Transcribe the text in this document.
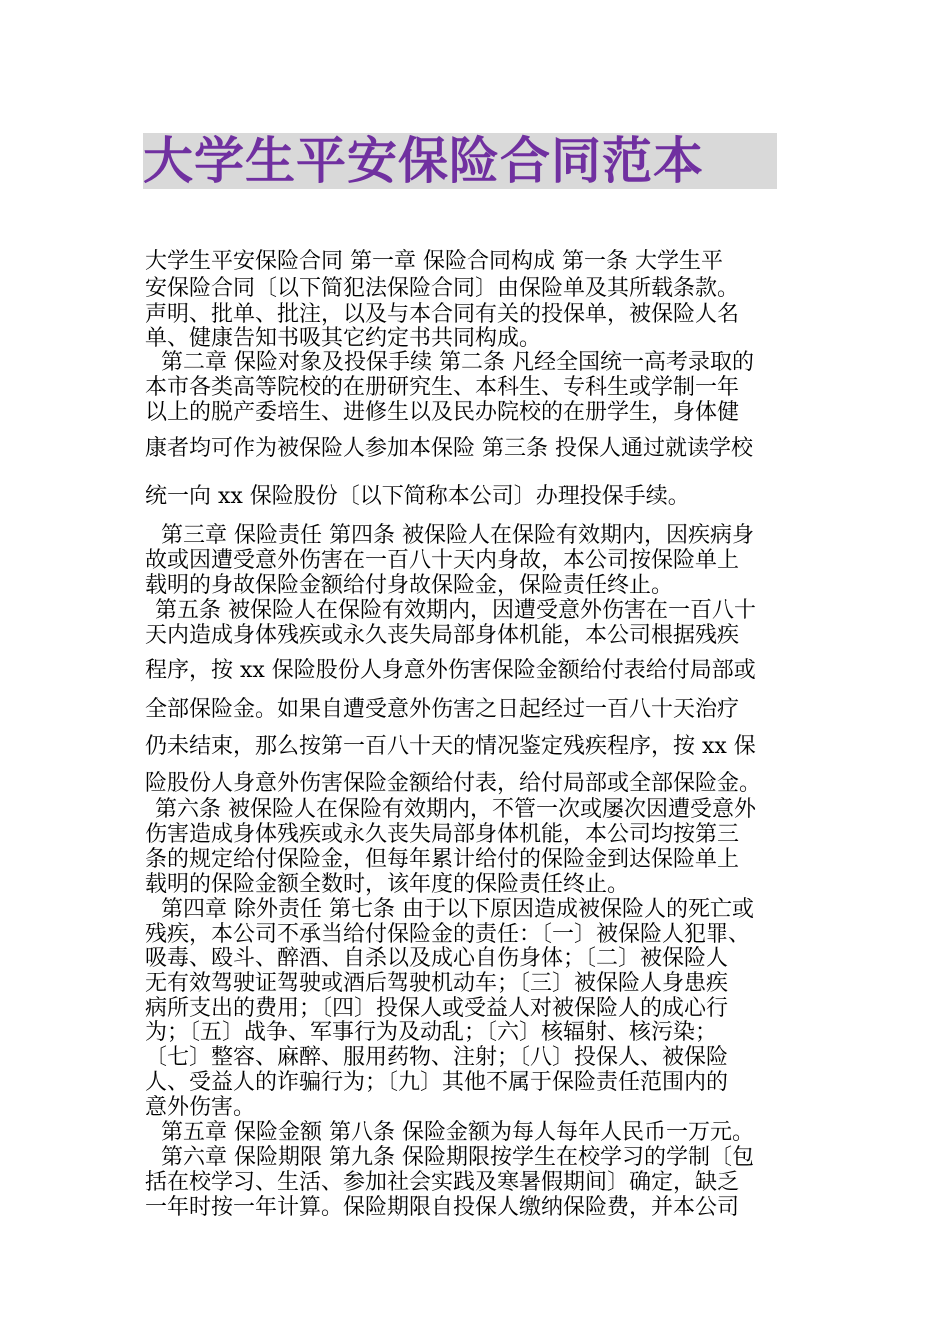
大学生平安保险合同范本
大学生平安保险合同 第一章 保险合同构成 第一条 大学生平
安保险合同〔以下简犯法保险合同〕由保险单及其所载条款。
声明、批单、批注，以及与本合同有关的投保单，被保险人名
单、健康告知书吸其它约定书共同构成。
第二章 保险对象及投保手续 第二条 凡经全国统一高考录取的
本市各类高等院校的在册研究生、本科生、专科生或学制一年
以上的脱产委培生、进修生以及民办院校的在册学生，身体健
康者均可作为被保险人参加本保险 第三条 投保人通过就读学校
统一向 xx 保险股份〔以下简称本公司〕办理投保手续。
第三章 保险责任 第四条 被保险人在保险有效期内，因疾病身
故或因遭受意外伤害在一百八十天内身故，本公司按保险单上
载明的身故保险金额给付身故保险金，保险责任终止。
第五条 被保险人在保险有效期内，因遭受意外伤害在一百八十
天内造成身体残疾或永久丧失局部身体机能，本公司根据残疾
程序，按 xx 保险股份人身意外伤害保险金额给付表给付局部或
全部保险金。如果自遭受意外伤害之日起经过一百八十天治疗
仍未结束，那么按第一百八十天的情况鉴定残疾程序，按 xx 保
险股份人身意外伤害保险金额给付表，给付局部或全部保险金。
第六条 被保险人在保险有效期内，不管一次或屡次因遭受意外
伤害造成身体残疾或永久丧失局部身体机能，本公司均按第三
条的规定给付保险金，但每年累计给付的保险金到达保险单上
载明的保险金额全数时，该年度的保险责任终止。
第四章 除外责任 第七条 由于以下原因造成被保险人的死亡或
残疾，本公司不承当给付保险金的责任：〔一〕被保险人犯罪、
吸毒、殴斗、醉酒、自杀以及成心自伤身体；〔二〕被保险人
无有效驾驶证驾驶或酒后驾驶机动车；〔三〕被保险人身患疾
病所支出的费用；〔四〕投保人或受益人对被保险人的成心行
为；〔五〕战争、军事行为及动乱；〔六〕核辐射、核污染；
〔七〕整容、麻醉、服用药物、注射；〔八〕投保人、被保险
人、受益人的诈骗行为；〔九〕其他不属于保险责任范围内的
意外伤害。
第五章 保险金额 第八条 保险金额为每人每年人民币一万元。
第六章 保险期限 第九条 保险期限按学生在校学习的学制〔包
括在校学习、生活、参加社会实践及寒暑假期间〕确定，缺乏
一年时按一年计算。保险期限自投保人缴纳保险费，并本公司
